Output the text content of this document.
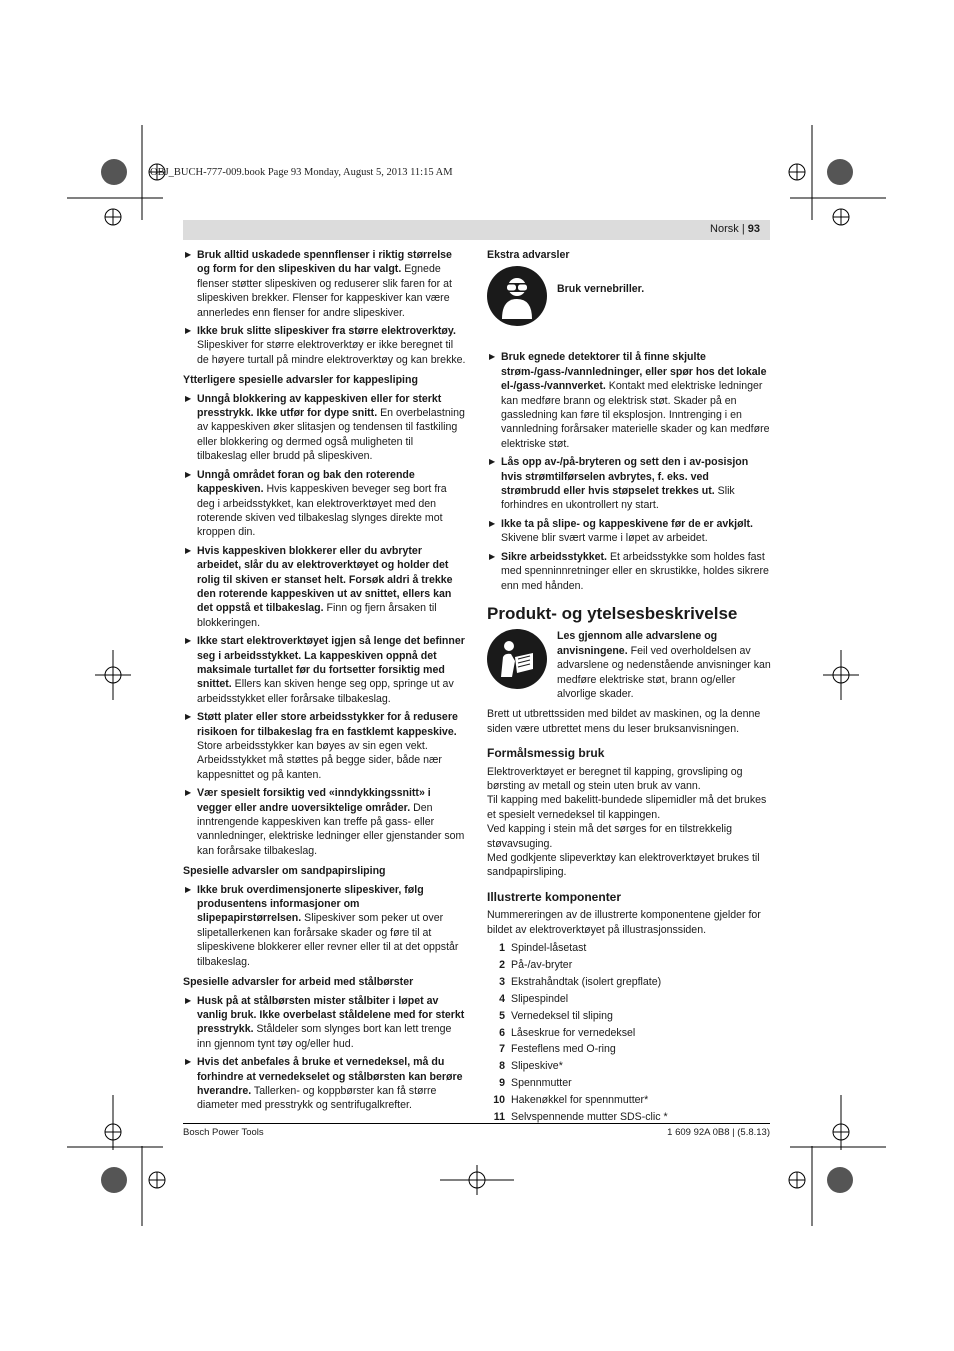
OBJ_BUCH-777-009.book Page 93 Monday, August 5, 2013 11:15 AM
Norsk | 93
▶ Bruk alltid uskadede spennflenser i riktig størrelse og form for den slipeskiven du har valgt. Egnede flenser støtter slipeskiven og reduserer slik faren for at slipeskiven brekker. Flenser for kappeskiver kan være annerledes enn flenser for andre slipeskiver.
▶ Ikke bruk slitte slipeskiver fra større elektroverktøy. Slipeskiver for større elektroverktøy er ikke beregnet til de høyere turtall på mindre elektroverktøy og kan brekke.
Ytterligere spesielle advarsler for kappesliping
▶ Unngå blokkering av kappeskiven eller for sterkt presstrykk. Ikke utfør for dype snitt. En overbelastning av kappeskiven øker slitasjen og tendensen til fastkiling eller blokkering og dermed også muligheten til tilbakeslag eller brudd på slipeskiven.
▶ Unngå området foran og bak den roterende kappeskiven. Hvis kappeskiven beveger seg bort fra deg i arbeidsstykket, kan elektroverktøyet med den roterende skiven ved tilbakeslag slynges direkte mot kroppen din.
▶ Hvis kappeskiven blokkerer eller du avbryter arbeidet, slår du av elektroverktøyet og holder det rolig til skiven er stanset helt. Forsøk aldri å trekke den roterende kappeskiven ut av snittet, ellers kan det oppstå et tilbakeslag. Finn og fjern årsaken til blokkeringen.
▶ Ikke start elektroverktøyet igjen så lenge det befinner seg i arbeidsstykket. La kappeskiven oppnå det maksimale turtallet før du fortsetter forsiktig med snittet. Ellers kan skiven henge seg opp, springe ut av arbeidsstykket eller forårsake tilbakeslag.
▶ Støtt plater eller store arbeidsstykker for å redusere risikoen for tilbakeslag fra en fastklemt kappeskive. Store arbeidsstykker kan bøyes av sin egen vekt. Arbeidsstykket må støttes på begge sider, både nær kappesnittet og på kanten.
▶ Vær spesielt forsiktig ved «inndykkingssnitt» i vegger eller andre uoversiktelige områder. Den inntrengende kappeskiven kan treffe på gass- eller vannledninger, elektriske ledninger eller gjenstander som kan forårsake tilbakeslag.
Spesielle advarsler om sandpapirsliping
▶ Ikke bruk overdimensjonerte slipeskiver, følg produsentens informasjoner om slipepapirstørrelsen. Slipeskiver som peker ut over slipetallerkenen kan forårsake skader og føre til at slipeskivene blokkerer eller revner eller til at det oppstår tilbakeslag.
Spesielle advarsler for arbeid med stålbørster
▶ Husk på at stålbørsten mister stålbiter i løpet av vanlig bruk. Ikke overbelast ståldelene med for sterkt presstrykk. Ståldeler som slynges bort kan lett trenge inn gjennom tynt tøy og/eller hud.
▶ Hvis det anbefales å bruke et vernedeksel, må du forhindre at vernedekselet og stålbørsten kan berøre hverandre. Tallerken- og koppbørster kan få større diameter med presstrykk og sentrifugalkrefter.
Ekstra advarsler
Bruk vernebriller.
▶ Bruk egnede detektorer til å finne skjulte strøm-/gass-/vannledninger, eller spør hos det lokale el-/gass-/vannverket. Kontakt med elektriske ledninger kan medføre brann og elektrisk støt. Skader på en gassledning kan føre til eksplosjon. Inntrenging i en vannledning forårsaker materielle skader og kan medføre elektriske støt.
▶ Lås opp av-/på-bryteren og sett den i av-posisjon hvis strømtilførselen avbrytes, f. eks. ved strømbrudd eller hvis støpselet trekkes ut. Slik forhindres en ukontrollert ny start.
▶ Ikke ta på slipe- og kappeskivene før de er avkjølt. Skivene blir svært varme i løpet av arbeidet.
▶ Sikre arbeidsstykket. Et arbeidsstykke som holdes fast med spenninnretninger eller en skrustikke, holdes sikrere enn med hånden.
Produkt- og ytelsesbeskrivelse
Les gjennom alle advarslene og anvisningene. Feil ved overholdelsen av advarslene og nedenstående anvisninger kan medføre elektriske støt, brann og/eller alvorlige skader.
Brett ut utbrettssiden med bildet av maskinen, og la denne siden være utbrettet mens du leser bruksanvisningen.
Formålsmessig bruk
Elektroverktøyet er beregnet til kapping, grovsliping og børsting av metall og stein uten bruk av vann.
Til kapping med bakelitt-bundede slipemidler må det brukes et spesielt vernedeksel til kappingen.
Ved kapping i stein må det sørges for en tilstrekkelig støvavsuging.
Med godkjente slipeverktøy kan elektroverktøyet brukes til sandpapirsliping.
Illustrerte komponenter
Nummereringen av de illustrerte komponentene gjelder for bildet av elektroverktøyet på illustrasjonssiden.
1 Spindel-låsetast
2 På-/av-bryter
3 Ekstrahåndtak (isolert grepflate)
4 Slipespindel
5 Vernedeksel til sliping
6 Låseskrue for vernedeksel
7 Festeflens med O-ring
8 Slipeskive*
9 Spennmutter
10 Hakenøkkel for spennmutter*
11 Selvspennende mutter SDS-clic *
Bosch Power Tools	1 609 92A 0B8 | (5.8.13)
